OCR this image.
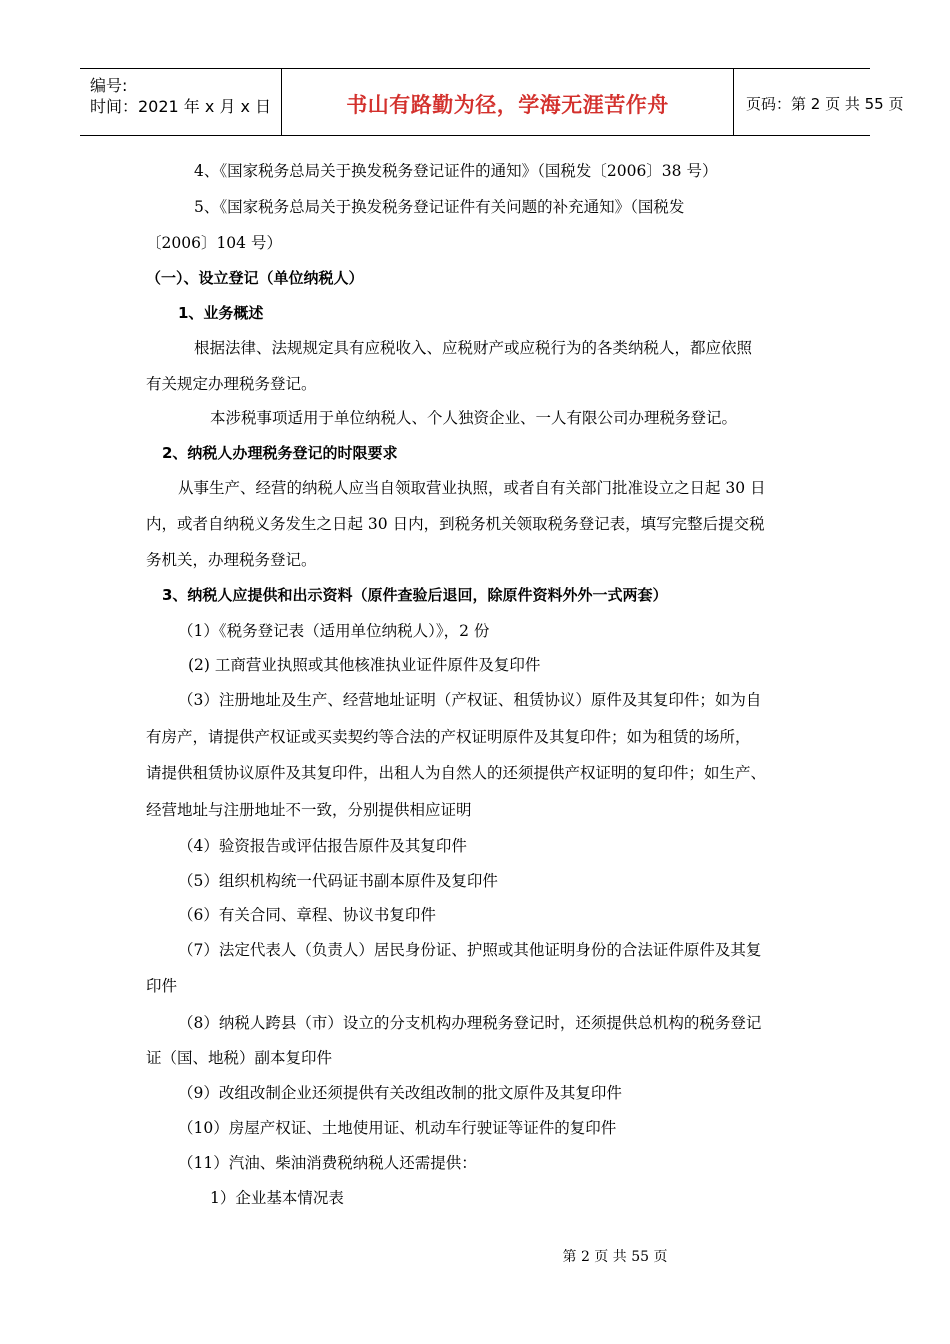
编号:
时间：2021 年 x 月 x 日	书山有路勤为径，学海无涯苦作舟	页码：第 2 页 共 55 页
4、《国家税务总局关于换发税务登记证件的通知》（国税发〔2006〕38 号）
5、《国家税务总局关于换发税务登记证件有关问题的补充通知》（国税发
〔2006〕104 号）
（一）、设立登记（单位纳税人）
1、业务概述
根据法律、法规规定具有应税收入、应税财产或应税行为的各类纳税人，都应依照
有关规定办理税务登记。
本涉税事项适用于单位纳税人、个人独资企业、一人有限公司办理税务登记。
2、纳税人办理税务登记的时限要求
从事生产、经营的纳税人应当自领取营业执照，或者自有关部门批准设立之日起 30 日
内，或者自纳税义务发生之日起 30 日内，到税务机关领取税务登记表，填写完整后提交税
务机关，办理税务登记。
3、纳税人应提供和出示资料（原件查验后退回，除原件资料外外一式两套）
（1）《税务登记表（适用单位纳税人）》，2 份
(2) 工商营业执照或其他核准执业证件原件及复印件
（3）注册地址及生产、经营地址证明（产权证、租赁协议）原件及其复印件；如为自
有房产，请提供产权证或买卖契约等合法的产权证明原件及其复印件；如为租赁的场所，
请提供租赁协议原件及其复印件，出租人为自然人的还须提供产权证明的复印件；如生产、
经营地址与注册地址不一致，分别提供相应证明
（4）验资报告或评估报告原件及其复印件
（5）组织机构统一代码证书副本原件及复印件
（6）有关合同、章程、协议书复印件
（7）法定代表人（负责人）居民身份证、护照或其他证明身份的合法证件原件及其复
印件
（8）纳税人跨县（市）设立的分支机构办理税务登记时，还须提供总机构的税务登记
证（国、地税）副本复印件
（9）改组改制企业还须提供有关改组改制的批文原件及其复印件
（10）房屋产权证、土地使用证、机动车行驶证等证件的复印件
（11）汽油、柴油消费税纳税人还需提供：
1）企业基本情况表
第 2 页 共 55 页
